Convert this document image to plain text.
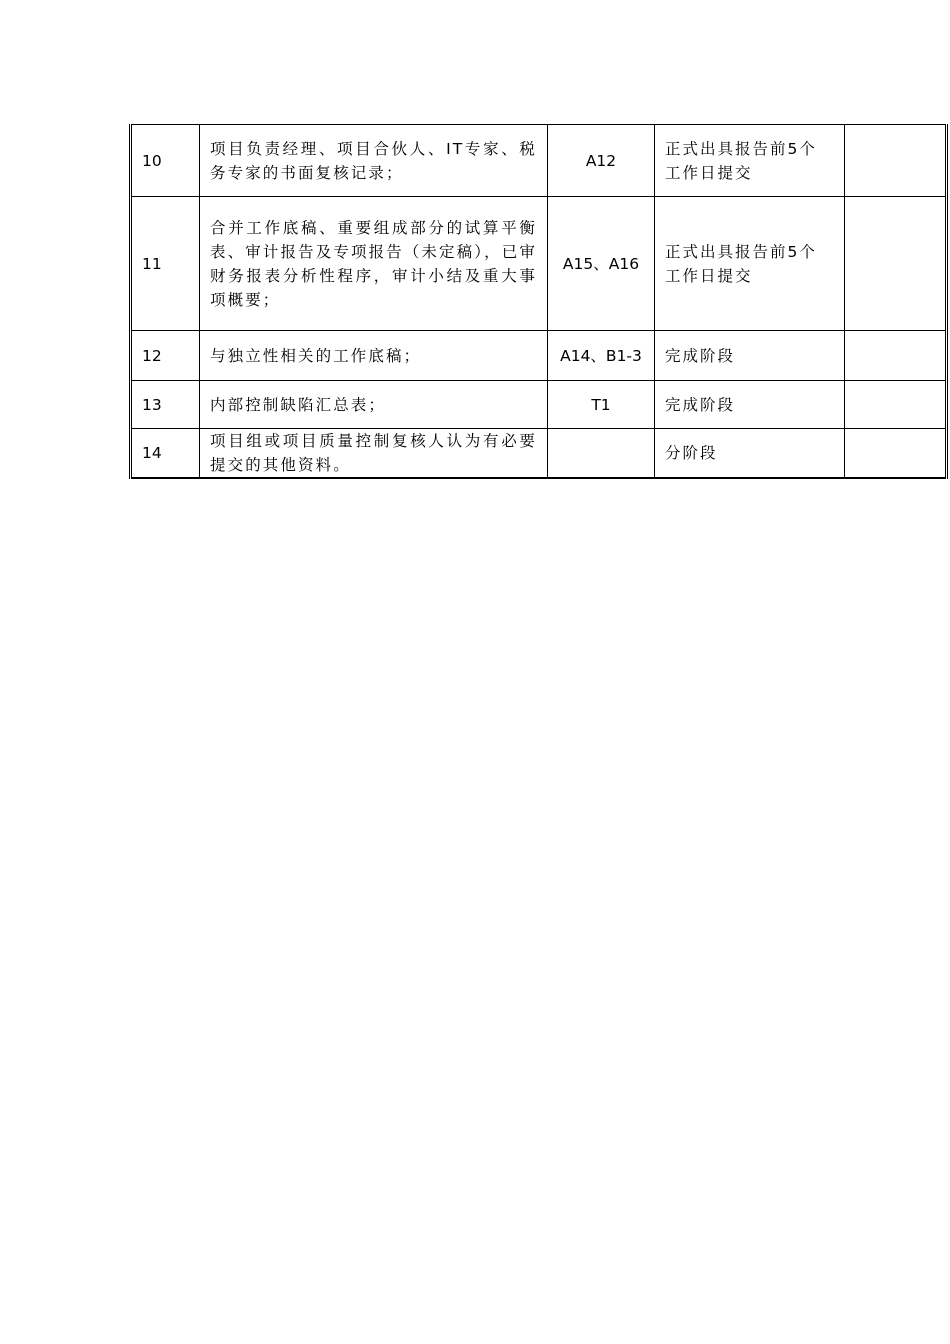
10	项目负责经理、项目合伙人、IT专家、税务专家的书面复核记录；	A12	正式出具报告前5个工作日提交	
11	合并工作底稿、重要组成部分的试算平衡表、审计报告及专项报告（未定稿），已审财务报表分析性程序，审计小结及重大事项概要；	A15、A16	正式出具报告前5个工作日提交	
12	与独立性相关的工作底稿；	A14、B1-3	完成阶段	
13	内部控制缺陷汇总表；	T1	完成阶段	
14	项目组或项目质量控制复核人认为有必要提交的其他资料。		分阶段	
